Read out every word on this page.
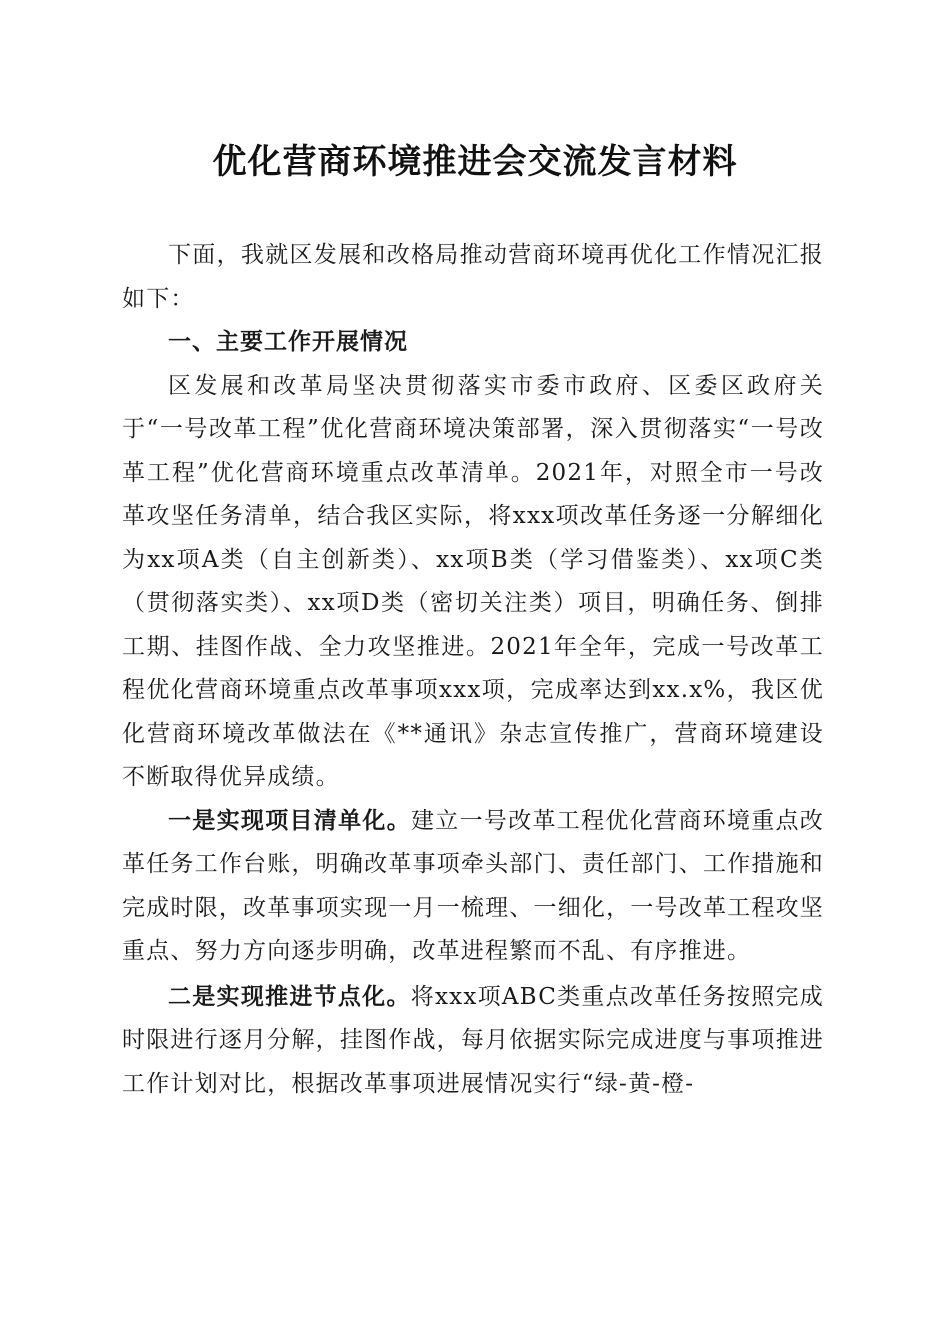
优化营商环境推进会交流发言材料

下面，我就区发展和改格局推动营商环境再优化工作情况汇报如下：

一、主要工作开展情况

区发展和改革局坚决贯彻落实市委市政府、区委区政府关于“一号改革工程”优化营商环境决策部署，深入贯彻落实“一号改革工程”优化营商环境重点改革清单。2021年，对照全市一号改革攻坚任务清单，结合我区实际，将xxx项改革任务逐一分解细化为xx项A类（自主创新类）、xx项B类（学习借鉴类）、xx项C类（贯彻落实类）、xx项D类（密切关注类）项目，明确任务、倒排工期、挂图作战、全力攻坚推进。2021年全年，完成一号改革工程优化营商环境重点改革事项xxx项，完成率达到xx.x%，我区优化营商环境改革做法在《**通讯》杂志宣传推广，营商环境建设不断取得优异成绩。

一是实现项目清单化。建立一号改革工程优化营商环境重点改革任务工作台账，明确改革事项牵头部门、责任部门、工作措施和完成时限，改革事项实现一月一梳理、一细化，一号改革工程攻坚重点、努力方向逐步明确，改革进程繁而不乱、有序推进。

二是实现推进节点化。将xxx项ABC类重点改革任务按照完成时限进行逐月分解，挂图作战，每月依据实际完成进度与事项推进工作计划对比，根据改革事项进展情况实行“绿-黄-橙-
